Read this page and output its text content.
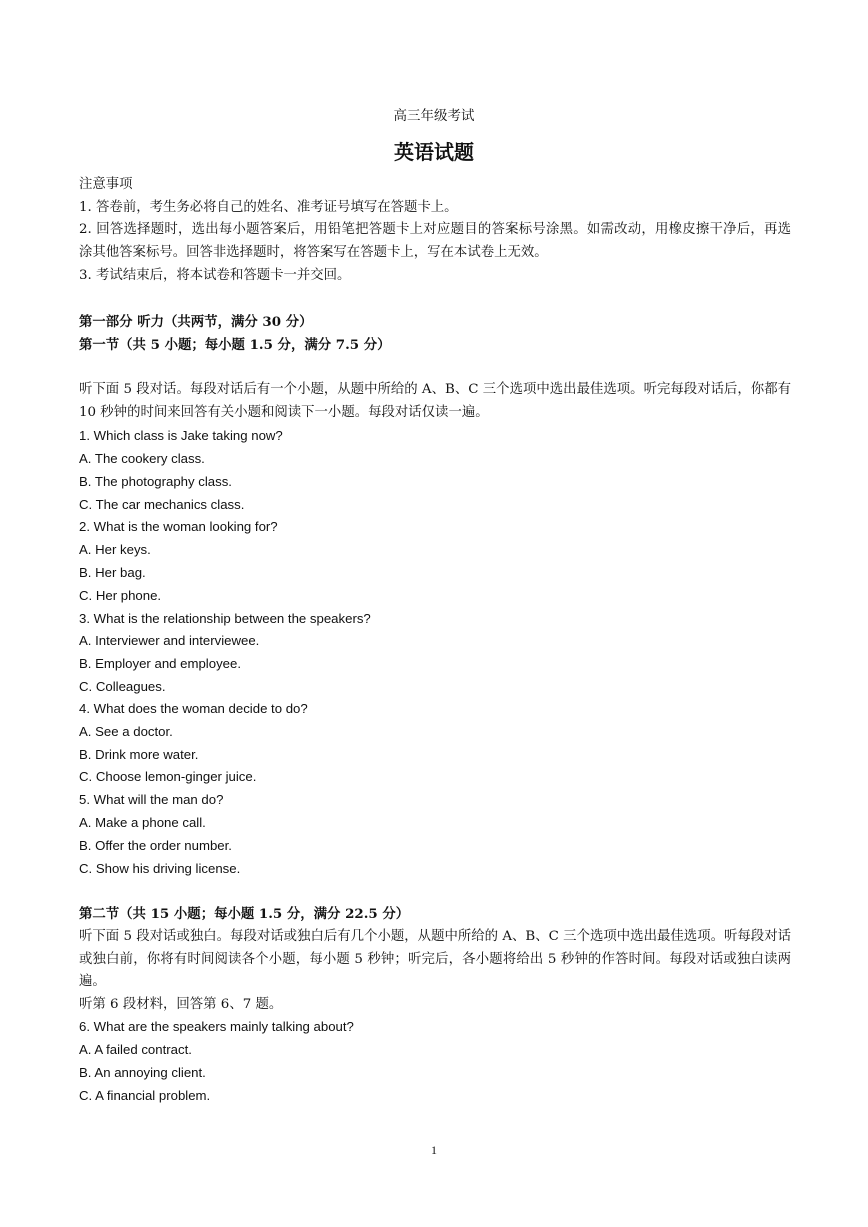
高三年级考试
英语试题
注意事项
1. 答卷前，考生务必将自己的姓名、准考证号填写在答题卡上。
2. 回答选择题时，选出每小题答案后，用铅笔把答题卡上对应题目的答案标号涂黑。如需改动，用橡皮擦干净后，再选涂其他答案标号。回答非选择题时，将答案写在答题卡上，写在本试卷上无效。
3. 考试结束后，将本试卷和答题卡一并交回。
第一部分 听力（共两节，满分 30 分）
第一节（共 5 小题；每小题 1.5 分，满分 7.5 分）
听下面 5 段对话。每段对话后有一个小题，从题中所给的 A、B、C 三个选项中选出最佳选项。听完每段对话后，你都有 10 秒钟的时间来回答有关小题和阅读下一小题。每段对话仅读一遍。
1. Which class is Jake taking now?
A. The cookery class.
B. The photography class.
C. The car mechanics class.
2. What is the woman looking for?
A. Her keys.
B. Her bag.
C. Her phone.
3. What is the relationship between the speakers?
A. Interviewer and interviewee.
B. Employer and employee.
C. Colleagues.
4. What does the woman decide to do?
A. See a doctor.
B. Drink more water.
C. Choose lemon-ginger juice.
5. What will the man do?
A. Make a phone call.
B. Offer the order number.
C. Show his driving license.
第二节（共 15 小题；每小题 1.5 分，满分 22.5 分）
听下面 5 段对话或独白。每段对话或独白后有几个小题，从题中所给的 A、B、C 三个选项中选出最佳选项。听每段对话或独白前，你将有时间阅读各个小题，每小题 5 秒钟；听完后，各小题将给出 5 秒钟的作答时间。每段对话或独白读两遍。
听第 6 段材料，回答第 6、7 题。
6. What are the speakers mainly talking about?
A. A failed contract.
B. An annoying client.
C. A financial problem.
1
